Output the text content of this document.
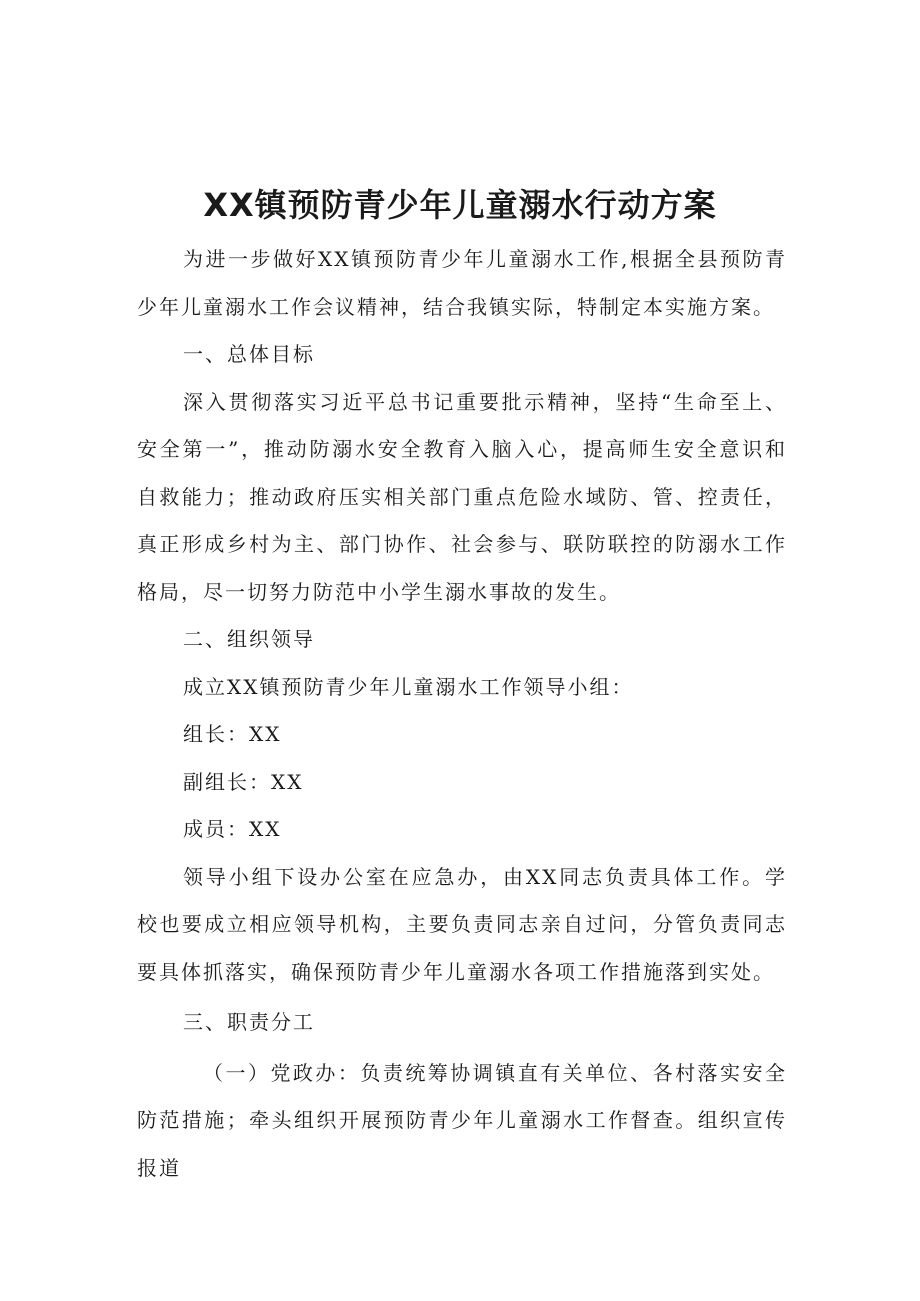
XX镇预防青少年儿童溺水行动方案

为进一步做好XX镇预防青少年儿童溺水工作,根据全县预防青少年儿童溺水工作会议精神，结合我镇实际，特制定本实施方案。

一、总体目标

深入贯彻落实习近平总书记重要批示精神，坚持“生命至上、安全第一”，推动防溺水安全教育入脑入心，提高师生安全意识和自救能力；推动政府压实相关部门重点危险水域防、管、控责任，真正形成乡村为主、部门协作、社会参与、联防联控的防溺水工作格局，尽一切努力防范中小学生溺水事故的发生。

二、组织领导

成立XX镇预防青少年儿童溺水工作领导小组：

组长：XX

副组长：XX

成员：XX

领导小组下设办公室在应急办，由XX同志负责具体工作。学校也要成立相应领导机构，主要负责同志亲自过问，分管负责同志要具体抓落实，确保预防青少年儿童溺水各项工作措施落到实处。

三、职责分工

（一）党政办：负责统筹协调镇直有关单位、各村落实安全防范措施；牵头组织开展预防青少年儿童溺水工作督查。组织宣传报道
